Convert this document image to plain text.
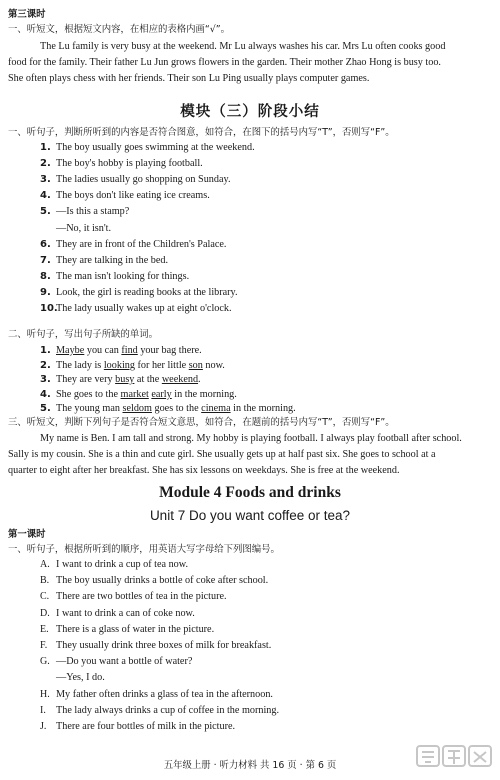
第三课时
一、听短文，根据短文内容，在相应的表格内画“√”。
The Lu family is very busy at the weekend. Mr Lu always washes his car. Mrs Lu often cooks good
food for the family. Their father Lu Jun grows flowers in the garden. Their mother Zhao Hong is busy too.
She often plays chess with her friends. Their son Lu Ping usually plays computer games.
模块（三）阶段小结
一、听句子，判断所听到的内容是否符合图意，如符合，在图下的括号内写“T”，否则写“F”。
1. The boy usually goes swimming at the weekend.
2. The boy's hobby is playing football.
3. The ladies usually go shopping on Sunday.
4. The boys don't like eating ice creams.
5. —Is this a stamp?
—No, it isn't.
6. They are in front of the Children's Palace.
7. They are talking in the bed.
8. The man isn't looking for things.
9. Look, the girl is reading books at the library.
10.The lady usually wakes up at eight o'clock.
二、听句子，写出句子所缺的单词。
1. Maybe you can find your bag there.
2. The lady is looking for her little son now.
3. They are very busy at the weekend.
4. She goes to the market early in the morning.
5. The young man seldom goes to the cinema in the morning.
三、听短文，判断下列句子是否符合短文意思，如符合，在题前的括号内写“T”，否则写“F”。
My name is Ben. I am tall and strong. My hobby is playing football. I always play football after school.
Sally is my cousin. She is a thin and cute girl. She usually gets up at half past six. She goes to school at a
quarter to eight after her breakfast. She has six lessons on weekdays. She is free at the weekend.
Module 4 Foods and drinks
Unit 7 Do you want coffee or tea?
第一课时
一、听句子，根据所听到的顺序，用英语大写字母给下列图编号。
A. I want to drink a cup of tea now.
B. The boy usually drinks a bottle of coke after school.
C. There are two bottles of tea in the picture.
D. I want to drink a can of coke now.
E. There is a glass of water in the picture.
F. They usually drink three boxes of milk for breakfast.
G. —Do you want a bottle of water?
—Yes, I do.
H. My father often drinks a glass of tea in the afternoon.
I. The lady always drinks a cup of coffee in the morning.
J. There are four bottles of milk in the picture.
五年级上册 · 听力材料 共 16 页 · 第 6 页
